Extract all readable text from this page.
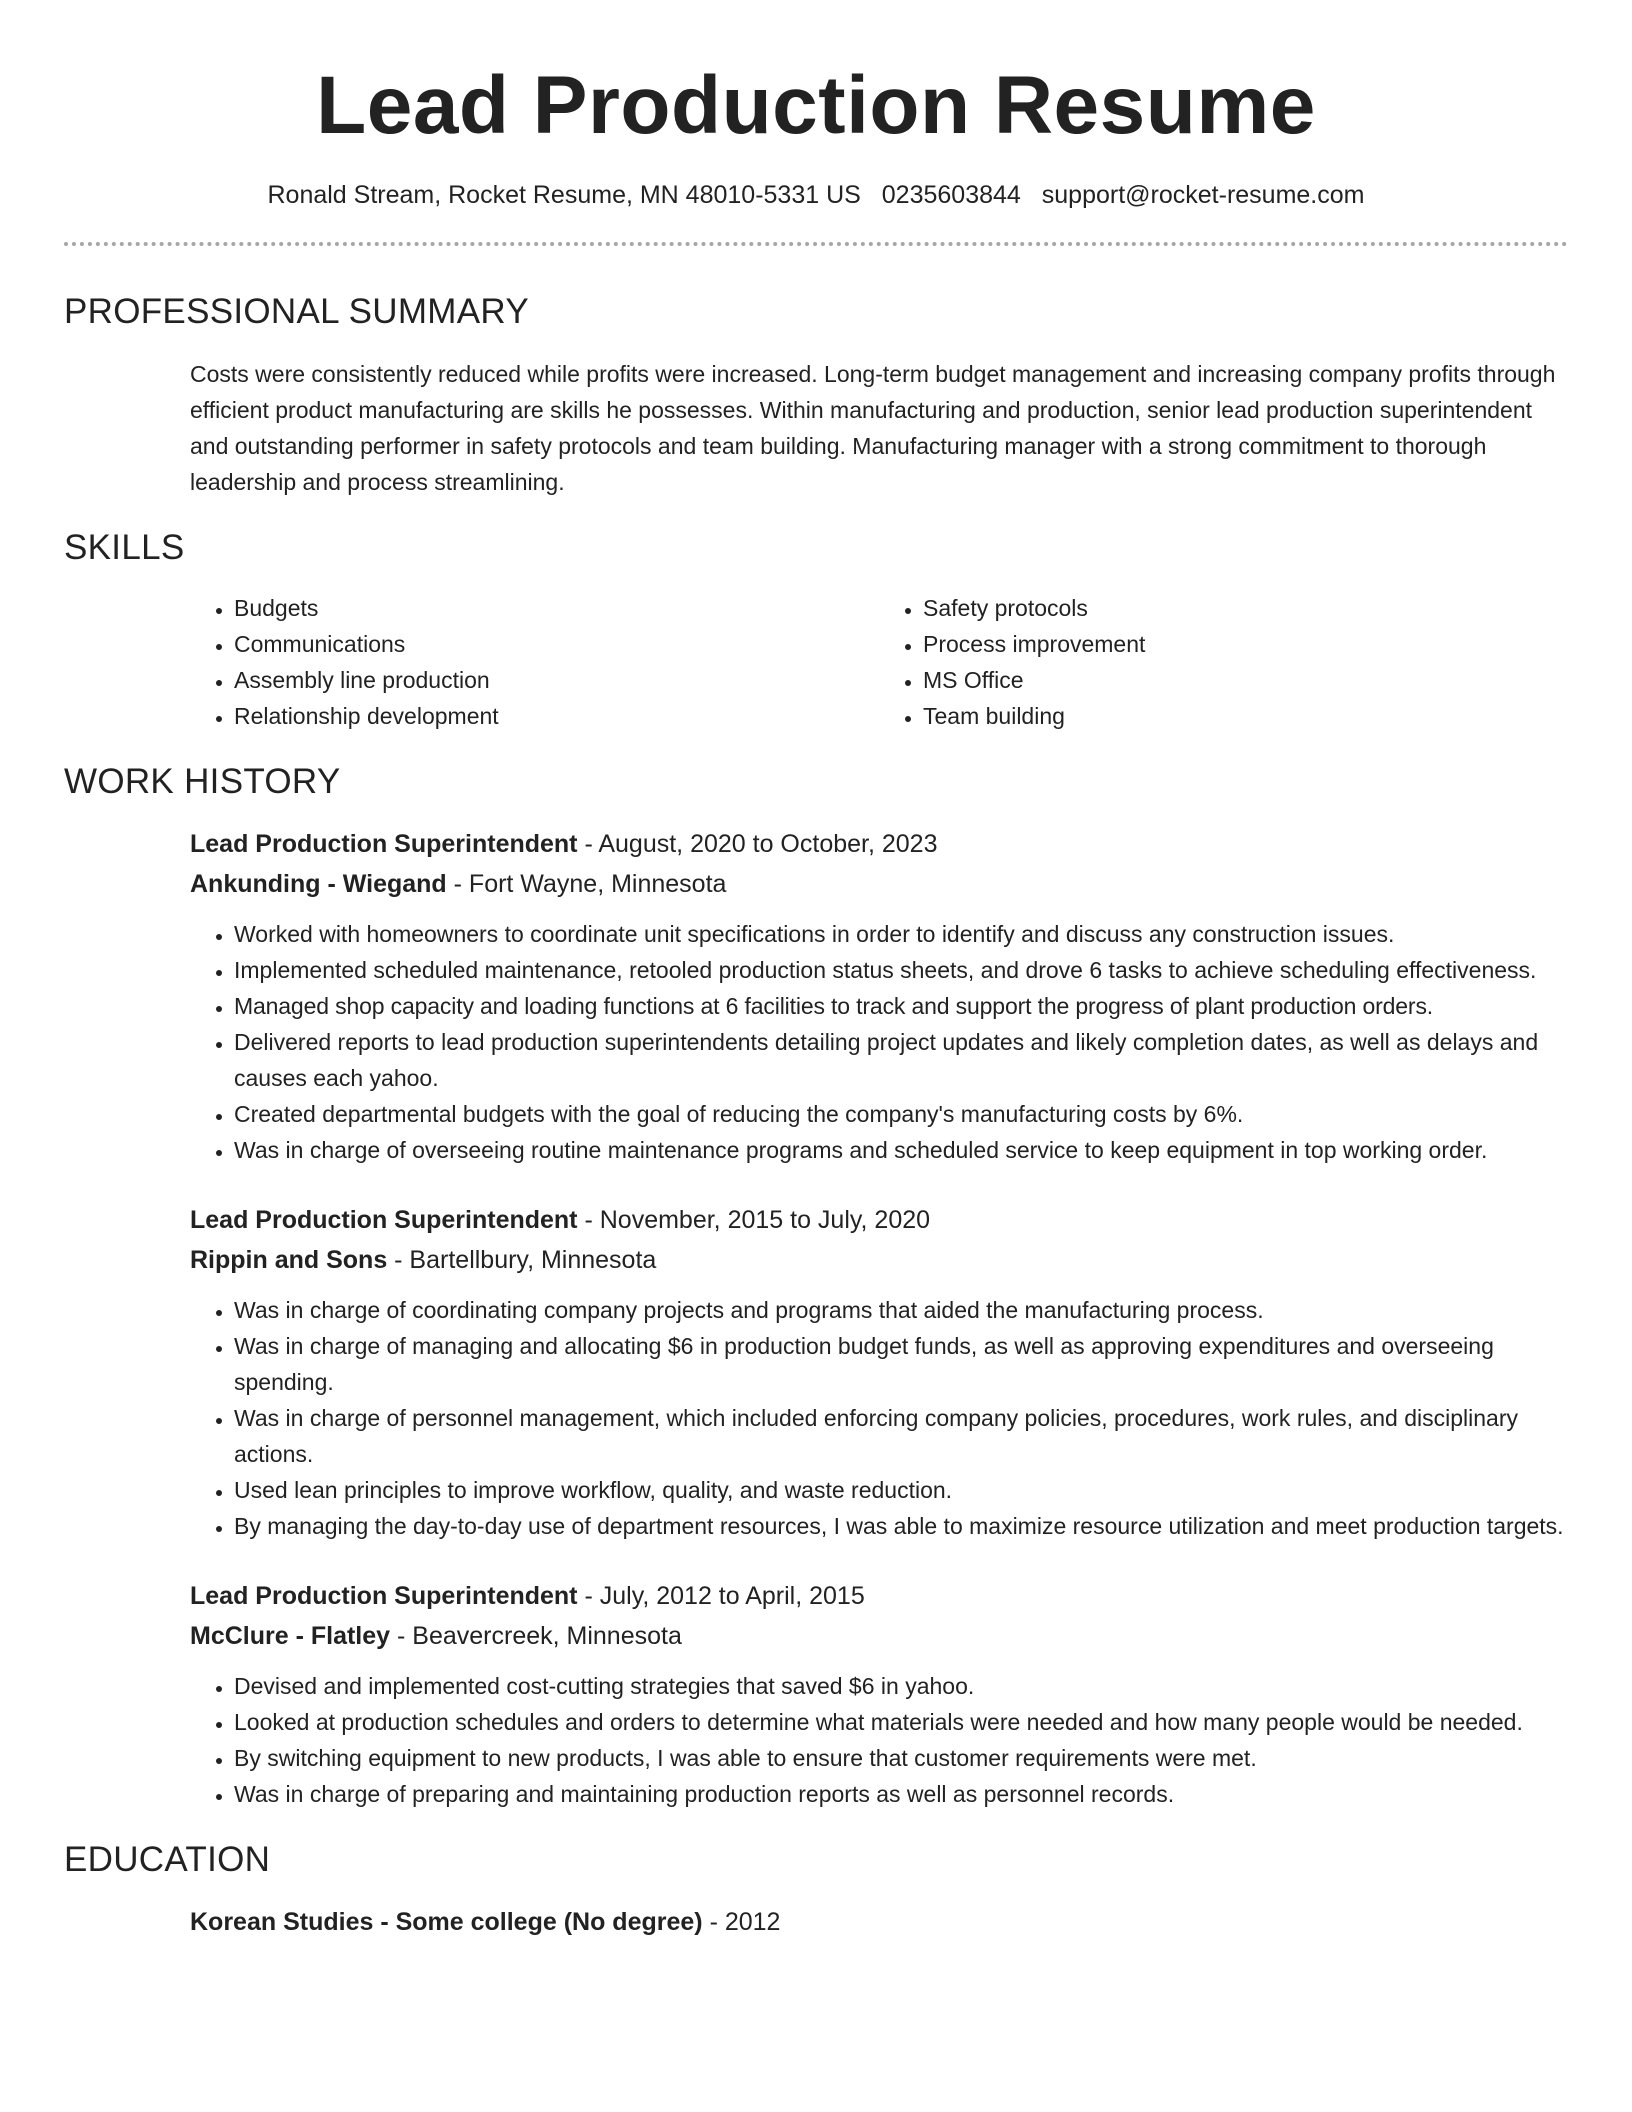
Lead Production Resume
Ronald Stream, Rocket Resume, MN 48010-5331 US 0235603844 support@rocket-resume.com
PROFESSIONAL SUMMARY
Costs were consistently reduced while profits were increased. Long-term budget management and increasing company profits through efficient product manufacturing are skills he possesses. Within manufacturing and production, senior lead production superintendent and outstanding performer in safety protocols and team building. Manufacturing manager with a strong commitment to thorough leadership and process streamlining.
SKILLS
• Budgets
• Communications
• Assembly line production
• Relationship development
• Safety protocols
• Process improvement
• MS Office
• Team building
WORK HISTORY
Lead Production Superintendent - August, 2020 to October, 2023
Ankunding - Wiegand - Fort Wayne, Minnesota
• Worked with homeowners to coordinate unit specifications in order to identify and discuss any construction issues.
• Implemented scheduled maintenance, retooled production status sheets, and drove 6 tasks to achieve scheduling effectiveness.
• Managed shop capacity and loading functions at 6 facilities to track and support the progress of plant production orders.
• Delivered reports to lead production superintendents detailing project updates and likely completion dates, as well as delays and causes each yahoo.
• Created departmental budgets with the goal of reducing the company's manufacturing costs by 6%.
• Was in charge of overseeing routine maintenance programs and scheduled service to keep equipment in top working order.
Lead Production Superintendent - November, 2015 to July, 2020
Rippin and Sons - Bartellbury, Minnesota
• Was in charge of coordinating company projects and programs that aided the manufacturing process.
• Was in charge of managing and allocating $6 in production budget funds, as well as approving expenditures and overseeing spending.
• Was in charge of personnel management, which included enforcing company policies, procedures, work rules, and disciplinary actions.
• Used lean principles to improve workflow, quality, and waste reduction.
• By managing the day-to-day use of department resources, I was able to maximize resource utilization and meet production targets.
Lead Production Superintendent - July, 2012 to April, 2015
McClure - Flatley - Beavercreek, Minnesota
• Devised and implemented cost-cutting strategies that saved $6 in yahoo.
• Looked at production schedules and orders to determine what materials were needed and how many people would be needed.
• By switching equipment to new products, I was able to ensure that customer requirements were met.
• Was in charge of preparing and maintaining production reports as well as personnel records.
EDUCATION
Korean Studies - Some college (No degree) - 2012
